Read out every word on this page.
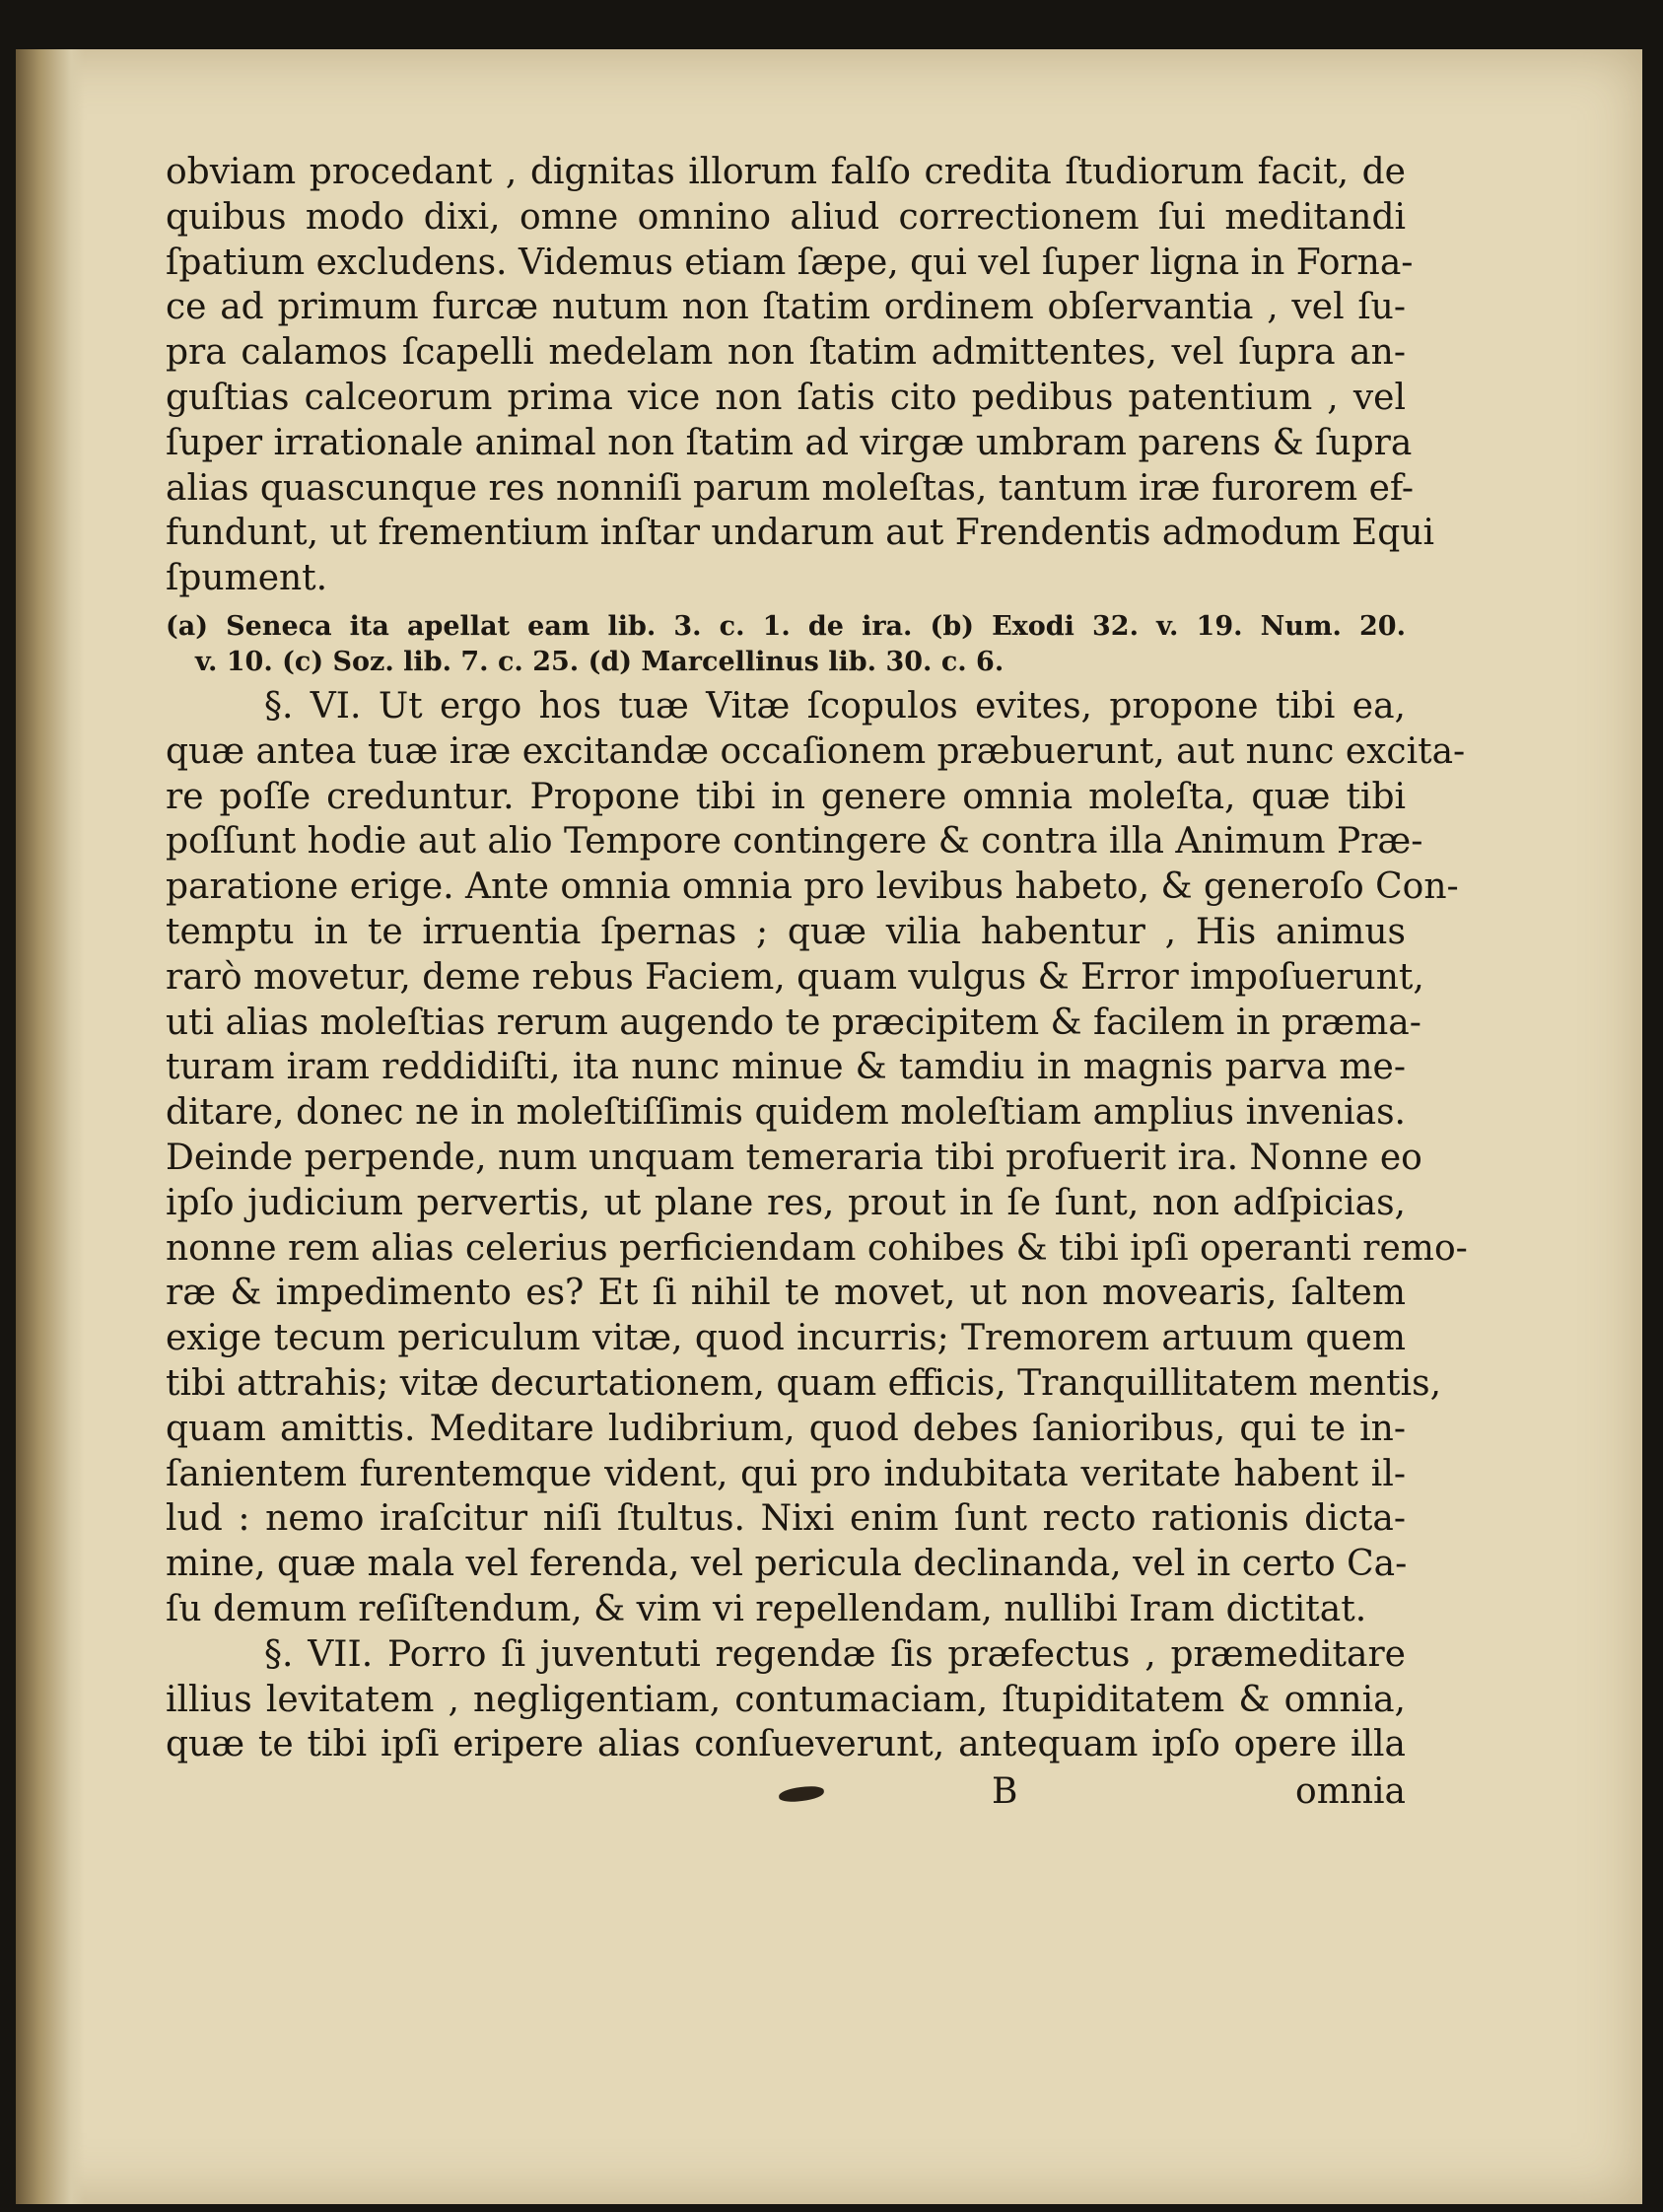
obviam procedant , dignitas illorum falſo credita ſtudiorum facit, de
quibus modo dixi, omne omnino aliud correctionem ſui meditandi
ſpatium excludens. Videmus etiam ſæpe, qui vel ſuper ligna in Forna-
ce ad primum furcæ nutum non ſtatim ordinem obſervantia , vel ſu-
pra calamos ſcapelli medelam non ſtatim admittentes, vel ſupra an-
guſtias calceorum prima vice non ſatis cito pedibus patentium , vel
ſuper irrationale animal non ſtatim ad virgæ umbram parens & ſupra
alias quascunque res nonniſi parum moleſtas, tantum iræ furorem ef-
fundunt, ut frementium inſtar undarum aut Frendentis admodum Equi
ſpument.
(a) Seneca ita apellat eam lib. 3. c. 1. de ira. (b) Exodi 32. v. 19. Num. 20.
v. 10. (c) Soz. lib. 7. c. 25. (d) Marcellinus lib. 30. c. 6.
§. VI. Ut ergo hos tuæ Vitæ ſcopulos evites, propone tibi ea,
quæ antea tuæ iræ excitandæ occaſionem præbuerunt, aut nunc excita-
re poſſe creduntur. Propone tibi in genere omnia moleſta, quæ tibi
poſſunt hodie aut alio Tempore contingere & contra illa Animum Præ-
paratione erige. Ante omnia omnia pro levibus habeto, & generoſo Con-
temptu in te irruentia ſpernas ; quæ vilia habentur , His animus
rarò movetur, deme rebus Faciem, quam vulgus & Error impoſuerunt,
uti alias moleſtias rerum augendo te præcipitem & facilem in præma-
turam iram reddidiſti, ita nunc minue & tamdiu in magnis parva me-
ditare, donec ne in moleſtiſſimis quidem moleſtiam amplius invenias.
Deinde perpende, num unquam temeraria tibi profuerit ira. Nonne eo
ipſo judicium pervertis, ut plane res, prout in ſe ſunt, non adſpicias,
nonne rem alias celerius perficiendam cohibes & tibi ipſi operanti remo-
ræ & impedimento es? Et ſi nihil te movet, ut non movearis, ſaltem
exige tecum periculum vitæ, quod incurris; Tremorem artuum quem
tibi attrahis; vitæ decurtationem, quam efficis, Tranquillitatem mentis,
quam amittis. Meditare ludibrium, quod debes ſanioribus, qui te in-
ſanientem furentemque vident, qui pro indubitata veritate habent il-
lud : nemo iraſcitur niſi ſtultus. Nixi enim ſunt recto rationis dicta-
mine, quæ mala vel ferenda, vel pericula declinanda, vel in certo Ca-
ſu demum reſiſtendum, & vim vi repellendam, nullibi Iram dictitat.
§. VII. Porro ſi juventuti regendæ ſis præfectus , præmeditare
illius levitatem , negligentiam, contumaciam, ſtupiditatem & omnia,
quæ te tibi ipſi eripere alias conſueverunt, antequam ipſo opere illa
B	omnia
